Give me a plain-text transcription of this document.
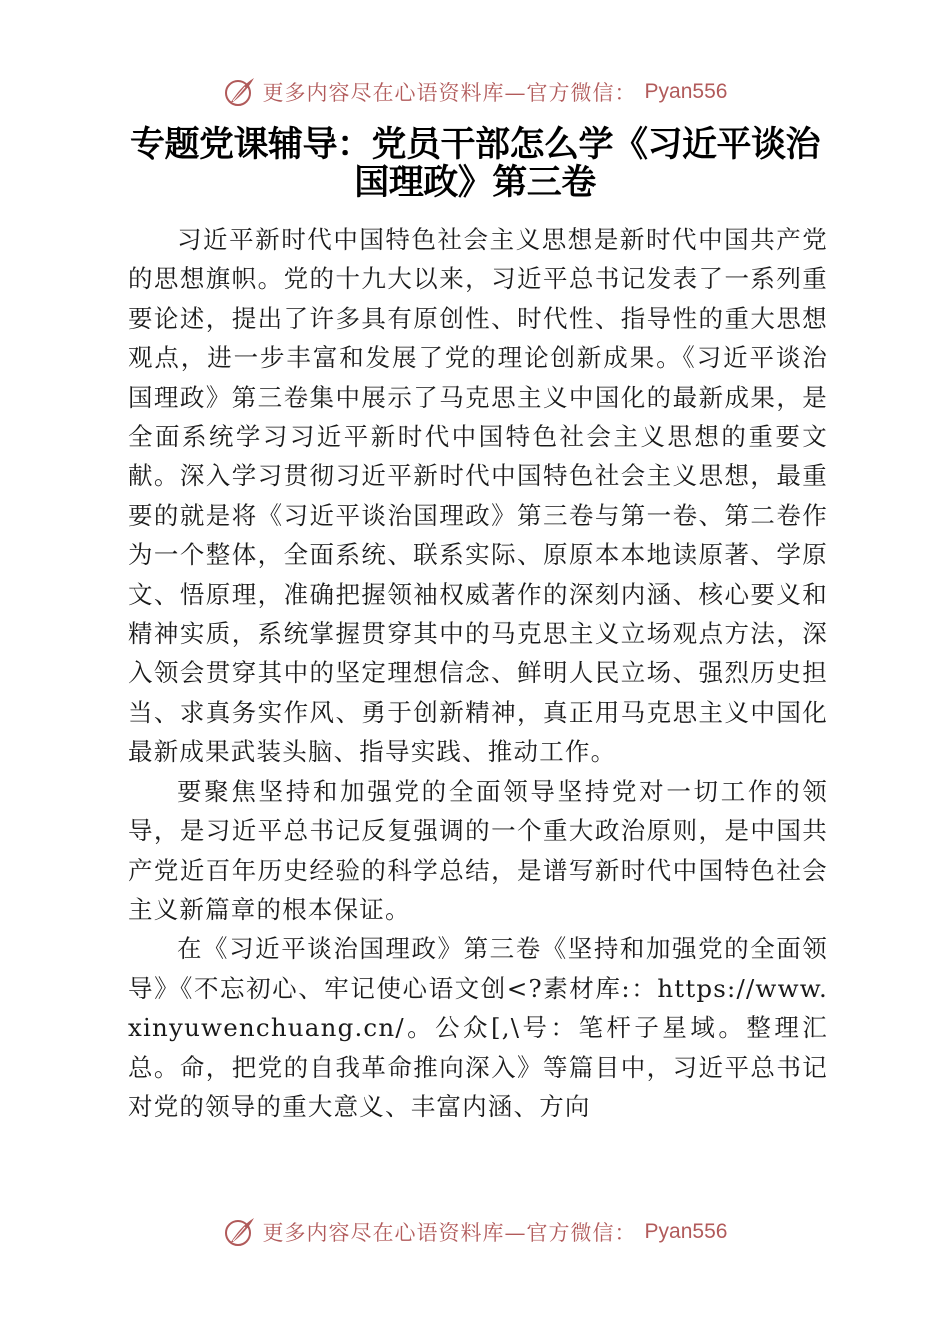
更多内容尽在心语资料库—官方微信： Pyan556
专题党课辅导：党员干部怎么学《习近平谈治国理政》第三卷

习近平新时代中国特色社会主义思想是新时代中国共产党的思想旗帜。党的十九大以来，习近平总书记发表了一系列重要论述，提出了许多具有原创性、时代性、指导性的重大思想观点，进一步丰富和发展了党的理论创新成果。《习近平谈治国理政》第三卷集中展示了马克思主义中国化的最新成果，是全面系统学习习近平新时代中国特色社会主义思想的重要文献。深入学习贯彻习近平新时代中国特色社会主义思想，最重要的就是将《习近平谈治国理政》第三卷与第一卷、第二卷作为一个整体，全面系统、联系实际、原原本本地读原著、学原文、悟原理，准确把握领袖权威著作的深刻内涵、核心要义和精神实质，系统掌握贯穿其中的马克思主义立场观点方法，深入领会贯穿其中的坚定理想信念、鲜明人民立场、强烈历史担当、求真务实作风、勇于创新精神，真正用马克思主义中国化最新成果武装头脑、指导实践、推动工作。

要聚焦坚持和加强党的全面领导坚持党对一切工作的领导，是习近平总书记反复强调的一个重大政治原则，是中国共产党近百年历史经验的科学总结，是谱写新时代中国特色社会主义新篇章的根本保证。

在《习近平谈治国理政》第三卷《坚持和加强党的全面领导》《不忘初心、牢记使心语文创<?素材库:：https://www.xinyuwenchuang.cn/。公众[,\号：笔杆子星域。整理汇总。命，把党的自我革命推向深入》等篇目中，习近平总书记对党的领导的重大意义、丰富内涵、方向

更多内容尽在心语资料库—官方微信： Pyan556
